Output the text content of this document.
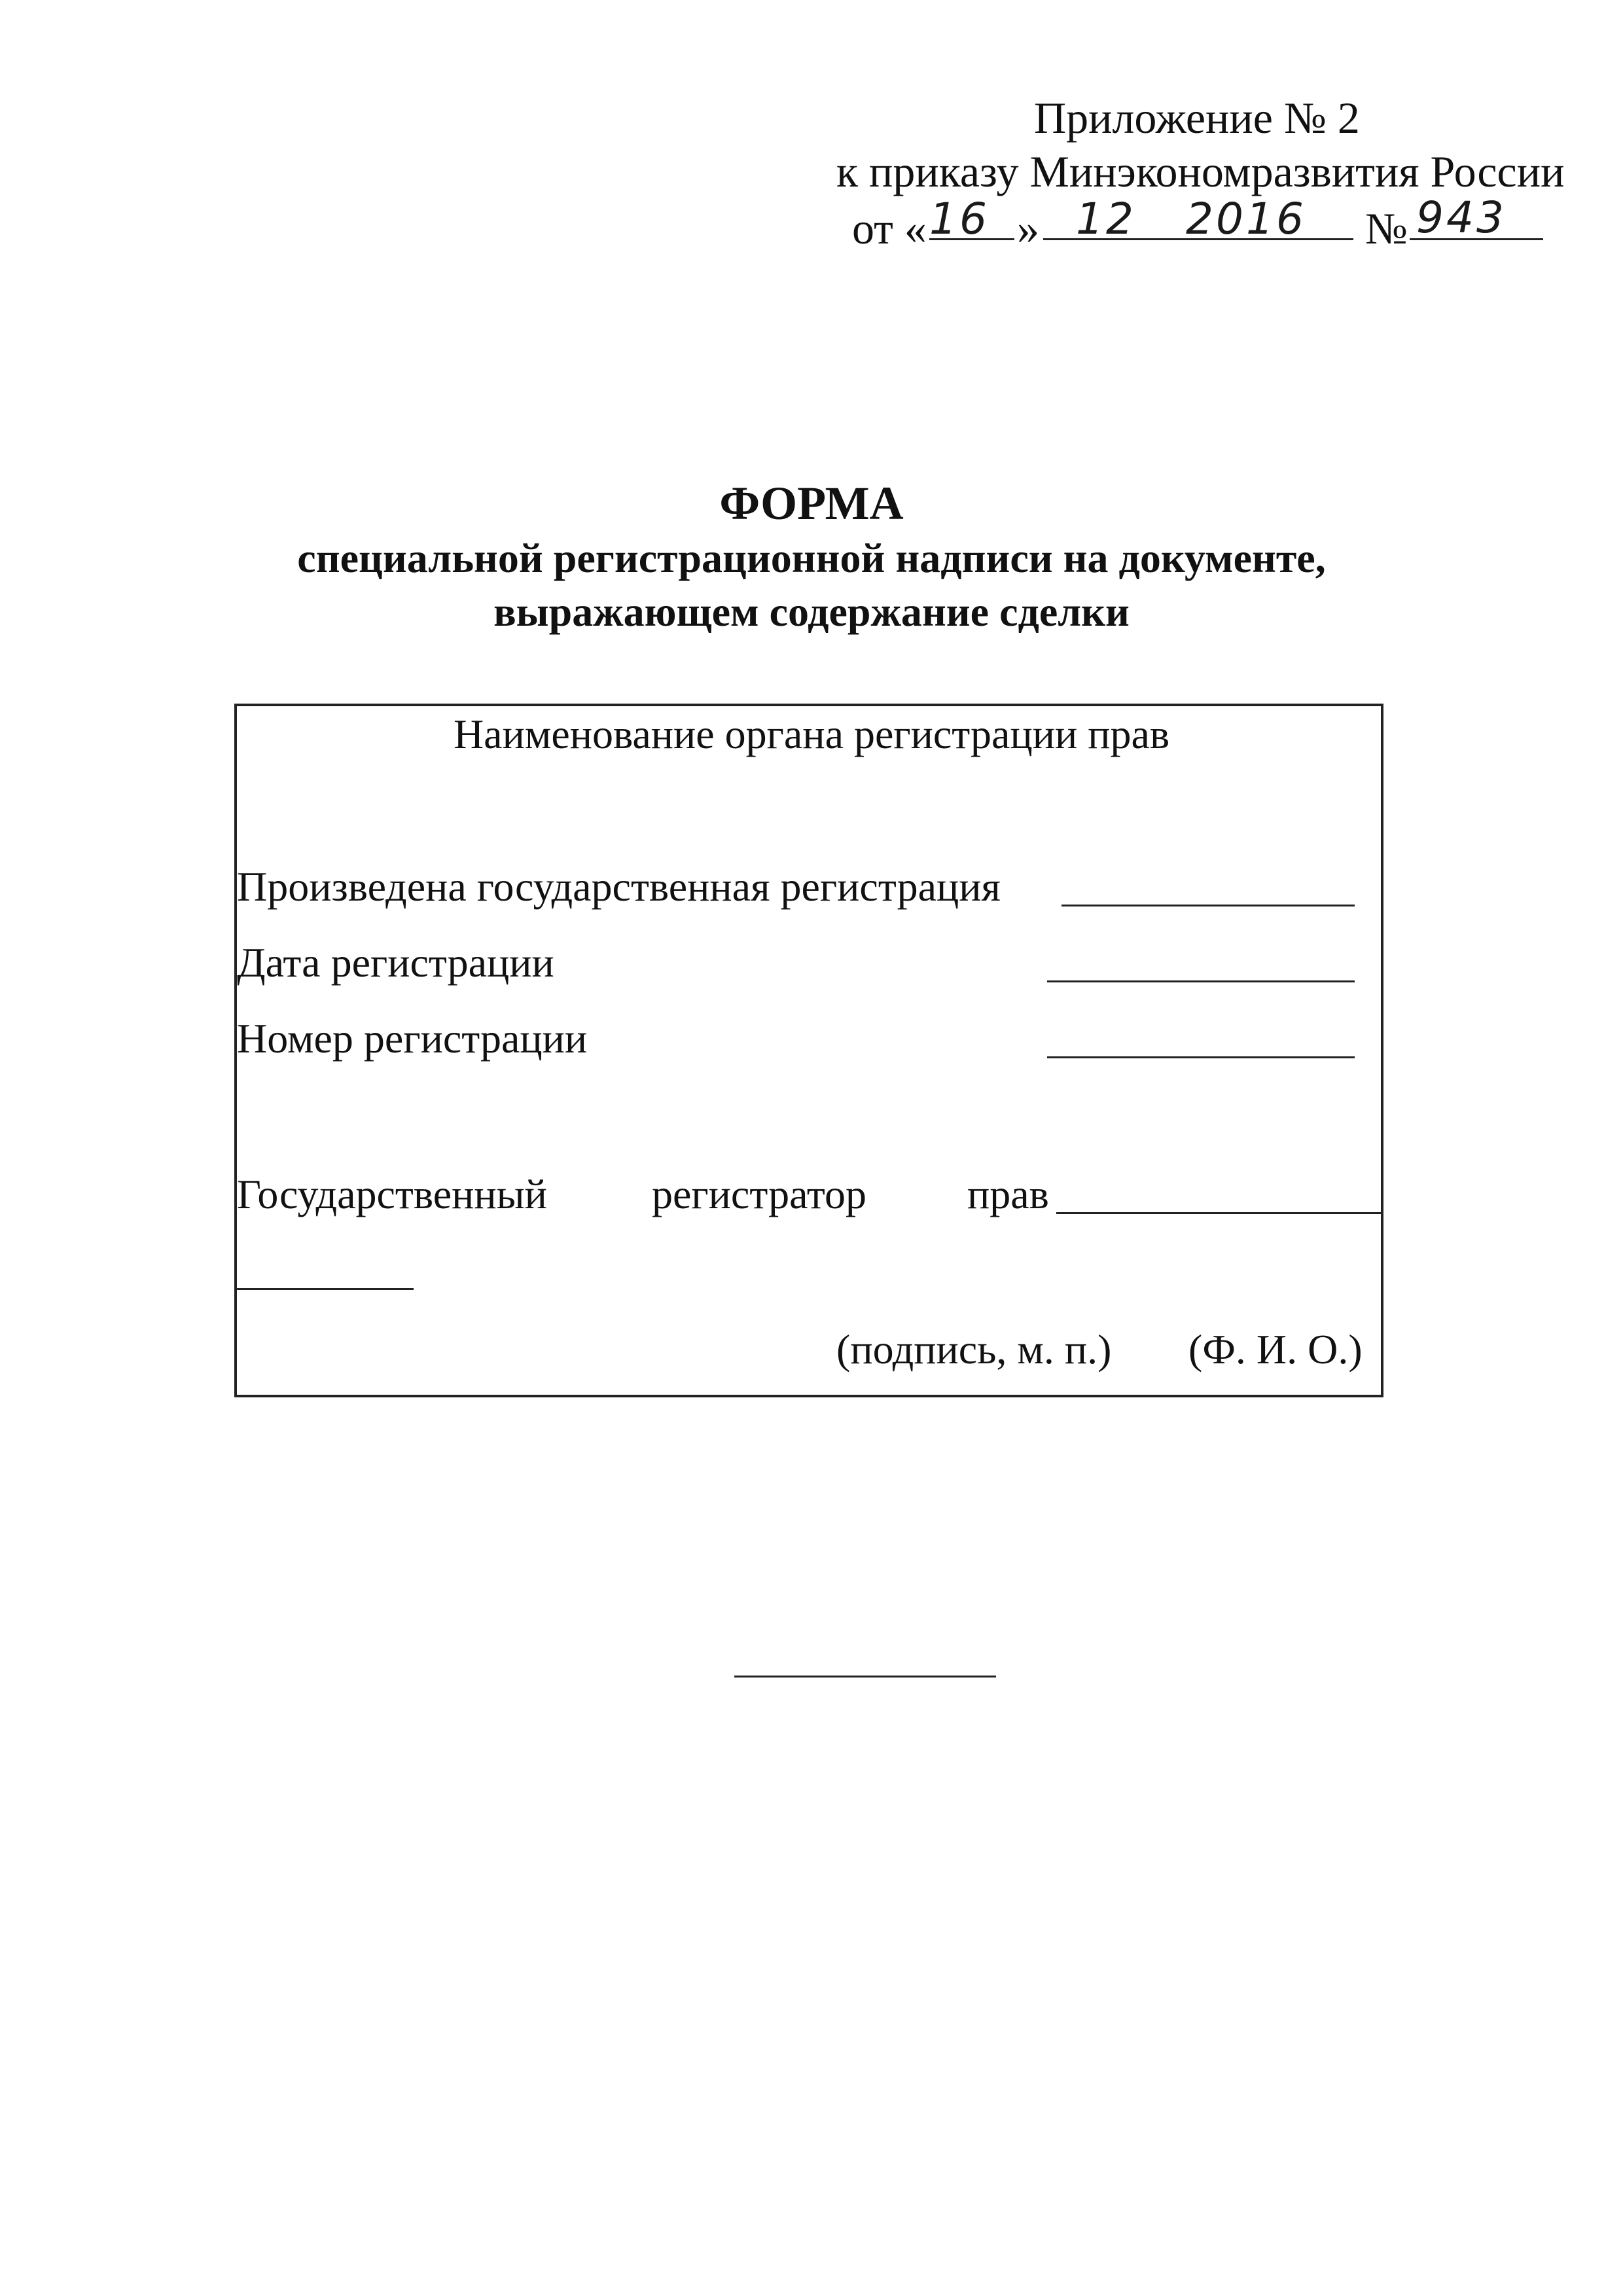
Приложение № 2
к приказу Минэкономразвития России
от « 16 » 12 2016 № 943
ФОРМА
специальной регистрационной надписи на документе,
выражающем содержание сделки
Наименование органа регистрации прав
Произведена государственная регистрация
Дата регистрации
Номер регистрации
Государственный	регистратор прав
(подпись, м. п.) (Ф. И. О.)
